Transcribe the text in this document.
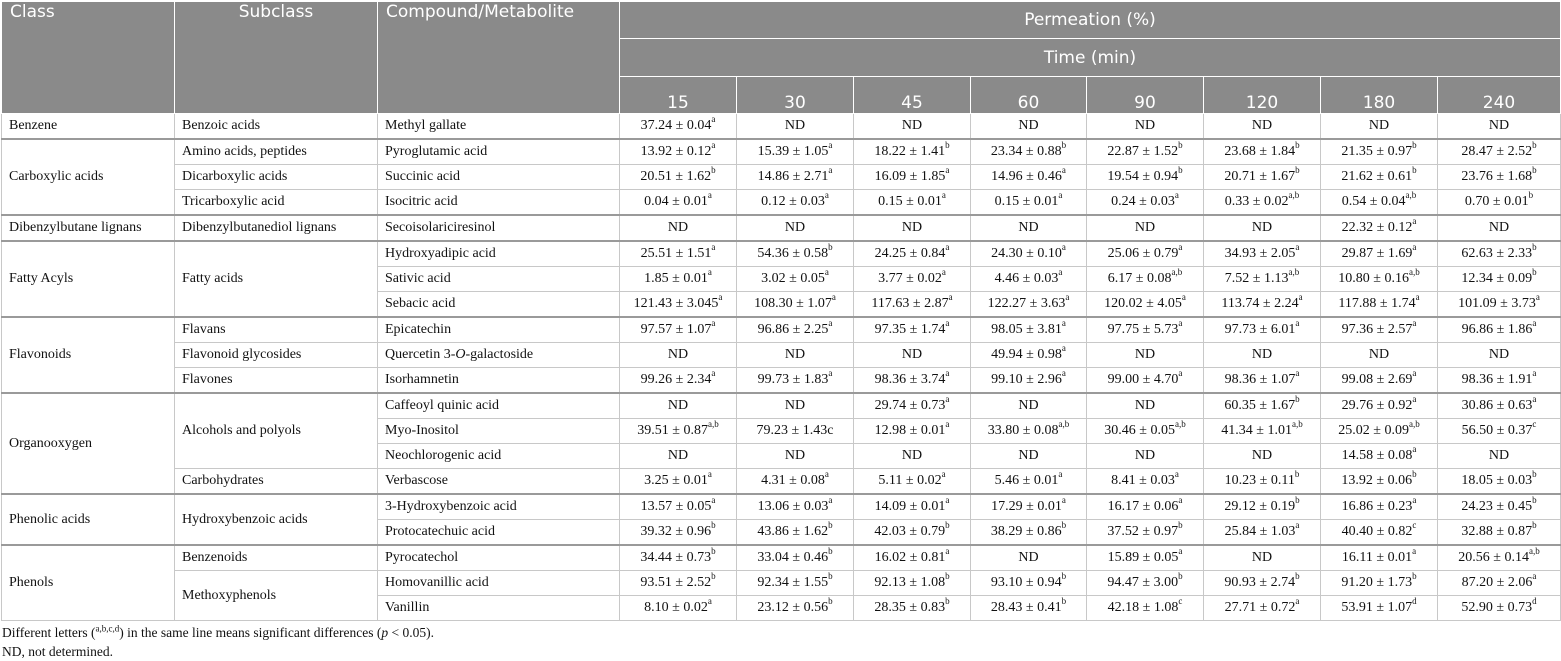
Class	Subclass	Compound/Metabolite	Permeation (%)							
			Time (min)							
			15	30	45	60	90	120	180	240
Benzene	Benzoic acids	Methyl gallate	37.24 ± 0.04$^a$	ND	ND	ND	ND	ND	ND	ND
Carboxylic acids	Amino acids, peptides	Pyroglutamic acid	13.92 ± 0.12$^a$	15.39 ± 1.05$^a$	18.22 ± 1.41$^b$	23.34 ± 0.88$^b$	22.87 ± 1.52$^b$	23.68 ± 1.84$^b$	21.35 ± 0.97$^b$	28.47 ± 2.52$^b$
	Dicarboxylic acids	Succinic acid	20.51 ± 1.62$^b$	14.86 ± 2.71$^a$	16.09 ± 1.85$^a$	14.96 ± 0.46$^a$	19.54 ± 0.94$^b$	20.71 ± 1.67$^b$	21.62 ± 0.61$^b$	23.76 ± 1.68$^b$
	Tricarboxylic acid	Isocitric acid	0.04 ± 0.01$^a$	0.12 ± 0.03$^a$	0.15 ± 0.01$^a$	0.15 ± 0.01$^a$	0.24 ± 0.03$^a$	$0.33 \pm 0.02^{a,b}$	$0.54 \pm 0.04^{a,b}$	0.70 ± 0.01$^b$
Dibenzylbutane lignans	Dibenzylbutanediol lignans	Secoisolariciresinol	ND	ND	ND	ND	ND	ND	22.32 ± 0.12$^a$	ND
Fatty Acyls	Fatty acids	Hydroxyadipic acid	25.51 ± 1.51$^a$	54.36 ± 0.58$^b$	24.25 ± 0.84$^a$	24.30 ± 0.10$^a$	25.06 ± 0.79$^a$	34.93 ± 2.05$^a$	29.87 ± 1.69$^a$	62.63 ± 2.33$^b$
		Sativic acid	1.85 ± 0.01$^a$	3.02 ± 0.05$^a$	3.77 ± 0.02$^a$	4.46 ± 0.03$^a$	$6.17 \pm 0.08^{a,b}$	$7.52 \pm 1.13^{a,b}$	$10.80 \pm 0.16^{a,b}$	12.34 ± 0.09$^b$
		Sebacic acid	121.43 ± 3.045$^a$	108.30 ± 1.07$^a$	117.63 ± 2.87$^a$	122.27 ± 3.63$^a$	120.02 ± 4.05$^a$	113.74 ± 2.24$^a$	117.88 ± 1.74$^a$	101.09 ± 3.73$^a$
Flavonoids	Flavans	Epicatechin	97.57 ± 1.07$^a$	96.86 ± 2.25$^a$	97.35 ± 1.74$^a$	98.05 ± 3.81$^a$	97.75 ± 5.73$^a$	97.73 ± 6.01$^a$	97.36 ± 2.57$^a$	96.86 ± 1.86$^a$
	Flavonoid glycosides	Quercetin 3-O-galactoside	ND	ND	ND	49.94 ± 0.98$^a$	ND	ND	ND	ND
	Flavones	Isorhamnetin	99.26 ± 2.34$^a$	99.73 ± 1.83$^a$	98.36 ± 3.74$^a$	99.10 ± 2.96$^a$	99.00 ± 4.70$^a$	98.36 ± 1.07$^a$	99.08 ± 2.69$^a$	98.36 ± 1.91$^a$
Organooxygen	Alcohols and polyols	Caffeoyl quinic acid	ND	ND	29.74 ± 0.73$^a$	ND	ND	60.35 ± 1.67$^b$	29.76 ± 0.92$^a$	30.86 ± 0.63$^a$
		Myo-Inositol	$39.51 \pm 0.87^{a,b}$	79.23 ± 1.43c	12.98 ± 0.01$^a$	$33.80 \pm 0.08^{a,b}$	$30.46 \pm 0.05^{a,b}$	$41.34 \pm 1.01^{a,b}$	$25.02 \pm 0.09^{a,b}$	56.50 ± 0.37$^c$
		Neochlorogenic acid	ND	ND	ND	ND	ND	ND	14.58 ± 0.08$^a$	ND
	Carbohydrates	Verbascose	3.25 ± 0.01$^a$	4.31 ± 0.08$^a$	5.11 ± 0.02$^a$	5.46 ± 0.01$^a$	8.41 ± 0.03$^a$	10.23 ± 0.11$^b$	13.92 ± 0.06$^b$	18.05 ± 0.03$^b$
Phenolic acids	Hydroxybenzoic acids	3-Hydroxybenzoic acid	13.57 ± 0.05$^a$	13.06 ± 0.03$^a$	14.09 ± 0.01$^a$	17.29 ± 0.01$^a$	16.17 ± 0.06$^a$	29.12 ± 0.19$^b$	16.86 ± 0.23$^a$	24.23 ± 0.45$^b$
		Protocatechuic acid	39.32 ± 0.96$^b$	43.86 ± 1.62$^b$	42.03 ± 0.79$^b$	38.29 ± 0.86$^b$	37.52 ± 0.97$^b$	25.84 ± 1.03$^a$	40.40 ± 0.82$^c$	32.88 ± 0.87$^b$
Phenols	Benzenoids	Pyrocatechol	34.44 ± 0.73$^b$	33.04 ± 0.46$^b$	16.02 ± 0.81$^a$	ND	15.89 ± 0.05$^a$	ND	16.11 ± 0.01$^a$	$20.56 \pm 0.14^{a,b}$
	Methoxyphenols	Homovanillic acid	93.51 ± 2.52$^b$	92.34 ± 1.55$^b$	92.13 ± 1.08$^b$	93.10 ± 0.94$^b$	94.47 ± 3.00$^b$	90.93 ± 2.74$^b$	91.20 ± 1.73$^b$	87.20 ± 2.06$^a$
		Vanillin	8.10 ± 0.02$^a$	23.12 ± 0.56$^b$	28.35 ± 0.83$^b$	28.43 ± 0.41$^b$	42.18 ± 1.08$^c$	27.71 ± 0.72$^a$	53.91 ± 1.07$^d$	52.90 ± 0.73$^d$
Different letters ($^{a,b,c,d}$) in the same line means significant differences (p < 0.05).
ND, not determined.
